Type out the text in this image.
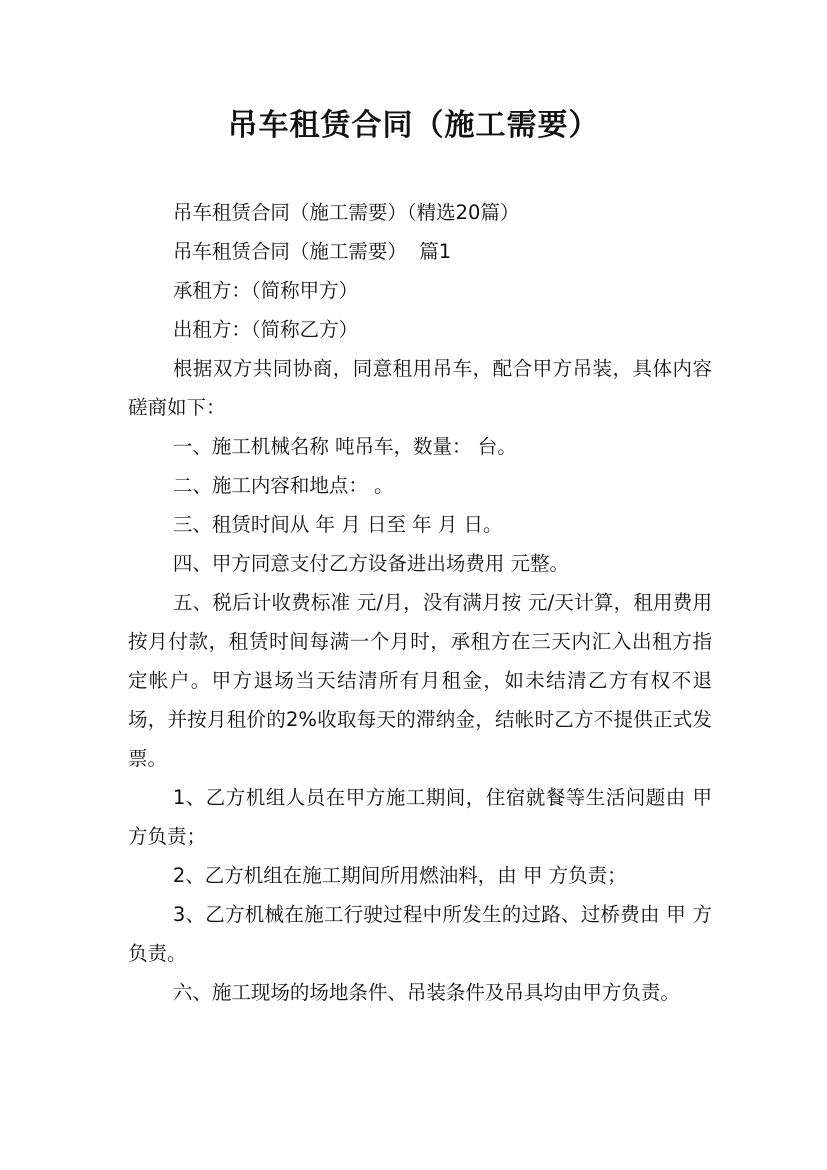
吊车租赁合同（施工需要）

吊车租赁合同（施工需要）（精选20篇）

吊车租赁合同（施工需要）  篇1

承租方：（简称甲方）

出租方：（简称乙方）

根据双方共同协商，同意租用吊车，配合甲方吊装，具体内容磋商如下：

一、施工机械名称 吨吊车，数量： 台。

二、施工内容和地点： 。

三、租赁时间从 年 月 日至 年 月 日。

四、甲方同意支付乙方设备进出场费用 元整。

五、税后计收费标准 元/月，没有满月按 元/天计算，租用费用按月付款，租赁时间每满一个月时，承租方在三天内汇入出租方指定帐户。甲方退场当天结清所有月租金，如未结清乙方有权不退场，并按月租价的2%收取每天的滞纳金，结帐时乙方不提供正式发票。

1、乙方机组人员在甲方施工期间，住宿就餐等生活问题由 甲 方负责；

2、乙方机组在施工期间所用燃油料，由 甲 方负责；

3、乙方机械在施工行驶过程中所发生的过路、过桥费由 甲 方负责。

六、施工现场的场地条件、吊装条件及吊具均由甲方负责。
